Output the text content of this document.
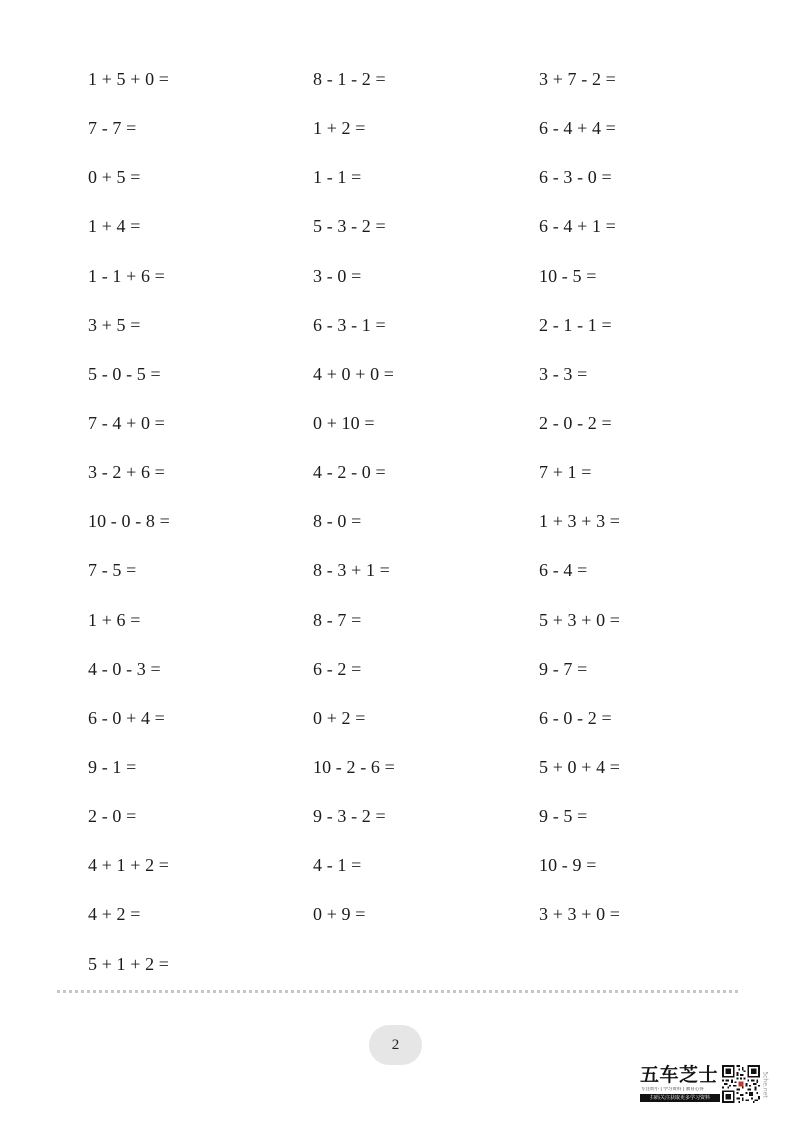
1 + 5 + 0 =
7 - 7 =
0 + 5 =
1 + 4 =
1 - 1 + 6 =
3 + 5 =
5 - 0 - 5 =
7 - 4 + 0 =
3 - 2 + 6 =
10 - 0 - 8 =
7 - 5 =
1 + 6 =
4 - 0 - 3 =
6 - 0 + 4 =
9 - 1 =
2 - 0 =
4 + 1 + 2 =
4 + 2 =
5 + 1 + 2 =
8 - 1 - 2 =
1 + 2 =
1 - 1 =
5 - 3 - 2 =
3 - 0 =
6 - 3 - 1 =
4 + 0 + 0 =
0 + 10 =
4 - 2 - 0 =
8 - 0 =
8 - 3 + 1 =
8 - 7 =
6 - 2 =
0 + 2 =
10 - 2 - 6 =
9 - 3 - 2 =
4 - 1 =
0 + 9 =
3 + 7 - 2 =
6 - 4 + 4 =
6 - 3 - 0 =
6 - 4 + 1 =
10 - 5 =
2 - 1 - 1 =
3 - 3 =
2 - 0 - 2 =
7 + 1 =
1 + 3 + 3 =
6 - 4 =
5 + 3 + 0 =
9 - 7 =
6 - 0 - 2 =
5 + 0 + 4 =
9 - 5 =
10 - 9 =
3 + 3 + 0 =
2
五车芝士
专注幼小 | 学习资料 | 教育心得
扫码关注获取更多学习资料
5che.net
